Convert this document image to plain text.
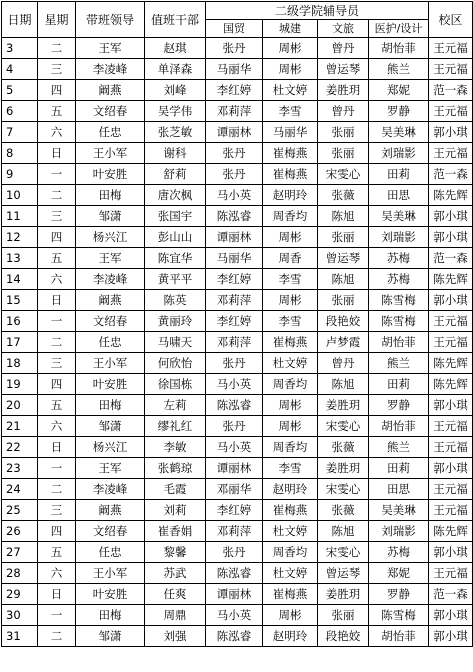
日期	星期	带班领导	值班干部	二级学院辅导员				校区
				国贸	城建	文旅	医护/设计	
3	二	王军	赵琪	张丹	周彬	曾丹	胡怡菲	王元福
4	三	李凌峰	单泽森	马丽华	周彬	曾运琴	熊兰	王元福
5	四	阚燕	刘峰	李红婷	杜文婷	姜胜玥	郑妮	范一森
6	五	文绍春	吴学伟	邓莉萍	李雪	曾丹	罗静	王元福
7	六	任忠	张芝敏	谭丽林	马丽华	张丽	吴美琳	郭小琪
8	日	王小军	谢科	张丹	崔梅燕	张丽	刘瑞影	王元福
9	一	叶安胜	舒莉	张丹	崔梅燕	宋雯心	田莉	范一森
10	二	田梅	唐次枫	马小英	赵明玲	张薇	田思	陈先辉
11	三	邹潇	张国宇	陈泓睿	周香均	陈旭	吴美琳	郭小琪
12	四	杨兴江	彭山山	谭丽林	周彬	张丽	刘瑞影	郭小琪
13	五	王军	陈宜华	马丽华	周香	曾运琴	苏梅	范一森
14	六	李凌峰	黄平平	李红婷	李雪	陈旭	苏梅	陈先辉
15	日	阚燕	陈英	邓莉萍	周彬	张丽	陈雪梅	郭小琪
16	一	文绍春	黄丽玲	李红婷	李雪	段艳姣	陈雪梅	王元福
17	二	任忠	马啸天	邓莉萍	崔梅燕	卢梦霞	胡怡菲	王元福
18	三	王小军	何欣怡	张丹	杜文婷	曾丹	熊兰	陈先辉
19	四	叶安胜	徐国栋	马小英	周香均	陈旭	田莉	陈先辉
20	五	田梅	左莉	陈泓睿	周彬	姜胜玥	罗静	郭小琪
21	六	邹潇	缪礼红	张丹	周彬	宋雯心	胡怡菲	王元福
22	日	杨兴江	李敏	马小英	周香均	张薇	熊兰	王元福
23	一	王军	张鹤琼	谭丽林	李雪	姜胜玥	田莉	郭小琪
24	二	李凌峰	毛霞	邓丽华	赵明玲	宋雯心	田思	王元福
25	三	阚燕	刘莉	李红婷	崔梅燕	张薇	吴美琳	王元福
26	四	文绍春	崔香娟	邓莉萍	杜文婷	陈旭	刘瑞影	陈先辉
27	五	任忠	黎馨	张丹	周香均	宋雯心	苏梅	郭小琪
28	六	王小军	苏武	陈泓睿	杜文婷	曾运琴	郑妮	王元福
29	日	叶安胜	任爽	谭丽林	崔梅燕	姜胜玥	罗静	范一森
30	一	田梅	周鼎	马小英	周彬	张丽	陈雪梅	郭小琪
31	二	邹潇	刘强	陈泓睿	赵明玲	段艳姣	胡怡菲	郭小琪
